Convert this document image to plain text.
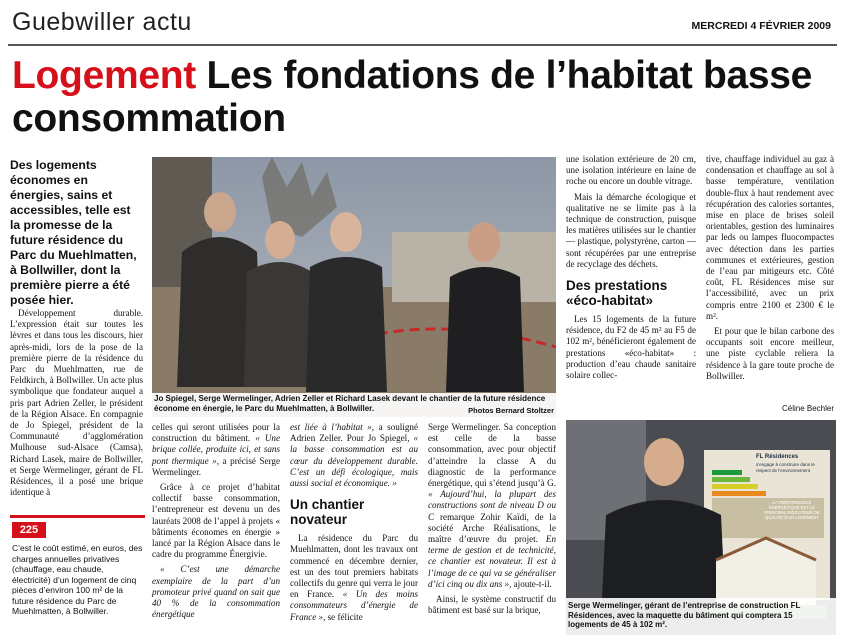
Guebwiller actu	MERCREDI 4 FÉVRIER 2009
Logement Les fondations de l’habitat basse consommation
Des logements économes en énergies, sains et accessibles, telle est la promesse de la future résidence du Parc du Muehlmatten, à Bollwiller, dont la première pierre a été posée hier.

Développement durable. L’expression était sur toutes les lèvres et dans tous les discours, hier après-midi, lors de la pose de la première pierre de la résidence du Parc du Muehlmatten, rue de Feldkirch, à Bollwiller. Un acte plus symbolique que fondateur auquel a pris part Adrien Zeller, le président de la Région Alsace. En compagnie de Jo Spiegel, président de la Communauté d’agglomération Mulhouse sud-Alsace (Camsa), Richard Lasek, maire de Bollwiller, et Serge Wermelinger, gérant de FL Résidences, il a posé une brique identique à

225
C’est le coût estimé, en euros, des charges annuelles privatives (chauffage, eau chaude, électricité) d’un logement de cinq pièces d’environ 100 m² de la future résidence du Parc de Muehlmatten, à Bollwiller.
Jo Spiegel, Serge Wermelinger, Adrien Zeller et Richard Lasek devant le chantier de la future résidence économe en énergie, le Parc du Muehlmatten, à Bollwiller.	Photos Bernard Stoltzer

celles qui seront utilisées pour la construction du bâtiment. « Une brique collée, produite ici, et sans pont thermique », a précisé Serge Wermelinger.

Grâce à ce projet d’habitat collectif basse consommation, l’entrepreneur est devenu un des lauréats 2008 de l’appel à projets « bâtiments économes en énergie » lancé par la Région Alsace dans le cadre du programme Énergivie.

« C’est une démarche exemplaire de la part d’un promoteur privé quand on sait que 40 % de la consommation énergétique

est liée à l’habitat », a souligné Adrien Zeller. Pour Jo Spiegel, « la basse consommation est au cœur du développement durable. C’est un défi écologique, mais aussi social et économique. »

Un chantier novateur

La résidence du Parc du Muehlmatten, dont les travaux ont commencé en décembre dernier, est un des tout premiers habitats collectifs du genre qui verra le jour en France. « Un des moins consommateurs d’énergie de France », se félicite

une isolation extérieure de 20 cm, une isolation intérieure en laine de roche ou encore un double vitrage.

Mais la démarche écologique et qualitative ne se limite pas à la technique de construction, puisque les matières utilisées sur le chantier — plastique, polystyrène, carton — sont récupérées par une entreprise de recyclage des déchets.

Des prestations «éco-habitat»

Les 15 logements de la future résidence, du F2 de 45 m² au F5 de 102 m², bénéficieront également de prestations «éco-habitat» : production d’eau chaude sanitaire solaire collec-

Serge Wermelinger. Sa conception est celle de la basse consommation, avec pour objectif d’atteindre la classe A du diagnostic de la performance énergétique, qui s’étend jusqu’à G. « Aujourd’hui, la plupart des constructions sont de niveau D ou C remarque Zohir Kaïdi, de la société Arche Réalisations, le maître d’œuvre du projet. En terme de gestion et de technicité, ce chantier est novateur. Il est à l’image de ce qui va se généraliser d’ici cinq ou dix ans », ajoute-t-il.

Ainsi, le système constructif du bâtiment est basé sur la brique,

tive, chauffage individuel au gaz à condensation et chauffage au sol à basse température, ventilation double-flux à haut rendement avec récupération des calories sortantes, mise en place de brises soleil orientables, gestion des luminaires par leds ou lampes fluocompactes avec détection dans les parties communes et extérieures, gestion de l’eau par mitigeurs etc. Côté coût, FL Résidences mise sur l’accessibilité, avec un prix compris entre 2100 et 2300 € le m².

Et pour que le bilan carbone des occupants soit encore meilleur, une piste cyclable reliera la résidence à la gare toute proche de Bollwiller.

Céline Bechler
FL Résidences
s’engage à construire dans le respect de l’environnement
LA PERFORMANCE ÉNERGÉTIQUE EST LE PRINCIPAL INDICATEUR DE QUALITÉ D’UN LOGEMENT
Serge Wermelinger, gérant de l’entreprise de construction FL Résidences, avec la maquette du bâtiment qui comptera 15 logements de 45 à 102 m².
